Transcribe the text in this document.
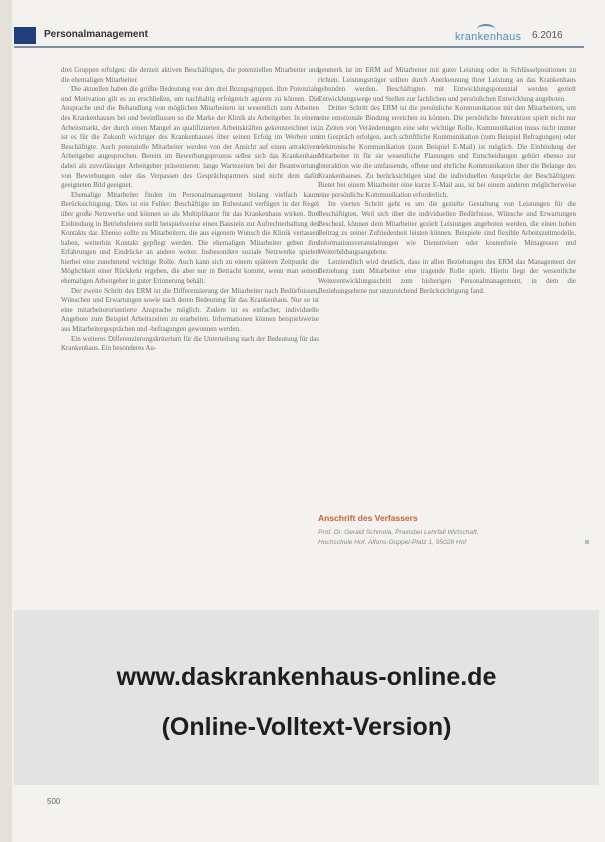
Personalmanagement	krankenhaus 6.2016

drei Gruppen erfolgen: die derzeit aktiven Beschäftigten, die potenziellen Mitarbeiter und die ehemaligen Mitarbeiter.

Die aktuellen haben die größte Bedeutung von den drei Bezugsgruppen. Ihre Potenziale und Motivation gilt es zu erschließen, um nachhaltig erfolgreich agieren zu können. Die Ansprache und die Behandlung von möglichen Mitarbeitern ist wesentlich zum Arbeiten des Krankenhauses bei und beeinflussen so die Marke der Klinik als Arbeitgeber. In einem Arbeitsmarkt, der durch einen Mangel an qualifizierten Arbeitskräften gekennzeichnet ist, ist es für die Zukunft wichtiger des Krankenhauses über seinen Erfolg im Werben um Beschäftigte. Auch potenzielle Mitarbeiter werden von der Ansicht auf einen attraktiven Arbeitgeber angesprochen. Bereits im Bewerbungsprozess selbst sich das Krankenhaus dabei als zuverlässiger Arbeitgeber präsentieren: lange Wartezeiten bei der Beantwortung von Bewerbungen oder das Verpassen des Gesprächspartners sind nicht dem dafür geeigneten Bild geeignet.

Ehemalige Mitarbeiter finden im Personalmanagement bislang vielfach kaum Berücksichtigung. Dies ist ein Fehler: Beschäftigte im Ruhestand verfügen in der Regel über große Netzwerke und können so als Multiplikator für das Krankenhaus wirken. Ihre Einbindung in Betriebsfeiern stellt beispielsweise einen Baustein zur Aufrechterhaltung des Kontakts dar. Ebenso sollte zu Mitarbeitern, die aus eigenem Wunsch die Klinik verlassen haben, weiterhin Kontakt gepflegt werden. Die ehemaligen Mitarbeiter geben ihre Erfahrungen und Eindrücke an andere weiter. Insbesondere soziale Netzwerke spielen hierbei eine zunehmend wichtige Rolle. Auch kann sich zu einem späteren Zeitpunkt die Möglichkeit einer Rückkehr ergeben, die aber nur in Betracht kommt, wenn man seinen ehemaligen Arbeitgeber in guter Erinnerung behält.

Der zweite Schritt des ERM ist die Differenzierung der Mitarbeiter nach Bedürfnissen, Wünschen und Erwartungen sowie nach deren Bedeutung für das Krankenhaus. Nur so ist eine mitarbeiterorientierte Ansprache möglich. Zudem ist es einfacher, individuelle Angebote zum Beispiel Arbeitszeiten zu erarbeiten. Informationen können beispielsweise aus Mitarbeitergesprächen und -befragungen gewonnen werden.

Ein weiteres Differenzierungskriterium für die Unterteilung nach der Bedeutung für das Krankenhaus. Ein besonderes Au-

genmerk ist im ERM auf Mitarbeiter mit guter Leistung oder in Schlüsselpositionen zu richten. Leistungsträger sollten durch Anerkennung ihrer Leistung an das Krankenhaus gebunden werden. Beschäftigten mit Entwicklungspotenzial werden gezielt Entwicklungswege und Stellen zur fachlichen und persönlichen Entwicklung angeboten.

Dritter Schritt des ERM ist die persönliche Kommunikation mit den Mitarbeitern, um eine emotionale Bindung erreichen zu können. Die persönliche Interaktion spielt nicht nur in Zeiten von Veränderungen eine sehr wichtige Rolle. Kommunikation muss nicht immer im Gespräch erfolgen, auch schriftliche Kommunikation (zum Beispiel Befragungen) oder elektronische Kommunikation (zum Beispiel E-Mail) ist möglich. Die Einbindung der Mitarbeiter in für sie wesentliche Planungen und Entscheidungen gehört ebenso zur Interaktion wie die umfassende, offene und ehrliche Kommunikation über die Belange des Krankenhauses. Zu berücksichtigen sind die individuellen Ansprüche der Beschäftigten: Bietet bei einem Mitarbeiter eine kurze E-Mail aus, ist bei einem anderen möglicherweise eine persönliche Kommunikation erforderlich.

Im vierten Schritt geht es um die gezielte Gestaltung von Leistungen für die Beschäftigten. Weil sich über die individuellen Bedürfnisse, Wünsche und Erwartungen Bescheid, können dem Mitarbeiter gezielt Leistungen angeboten werden, die einen hohen Beitrag zu seiner Zufriedenheit leisten können. Beispiele sind flexible Arbeitszeitmodelle, Informationsveranstaltungen wie Dienstreisen oder kostenfreie Mittagessen und Weiterbildungsangebote.

Letztendlich wird deutlich, dass in allen Beziehungen des ERM das Management der Beziehung zum Mitarbeiter eine tragende Rolle spielt. Hierin liegt der wesentliche Weiterentwicklungsschritt zum bisherigen Personalmanagement, in dem die Beziehungsebene nur unzureichend Berücksichtigung fand.

Anschrift des Verfassers
Prof. Dr. Gerald Schmola, Praxisbei Lehrfall Wirtschaft,
Hochschule Hof, Alfons-Goppel-Platz 1, 95028 Hof
www.daskrankenhaus-online.de
(Online-Volltext-Version)
500
